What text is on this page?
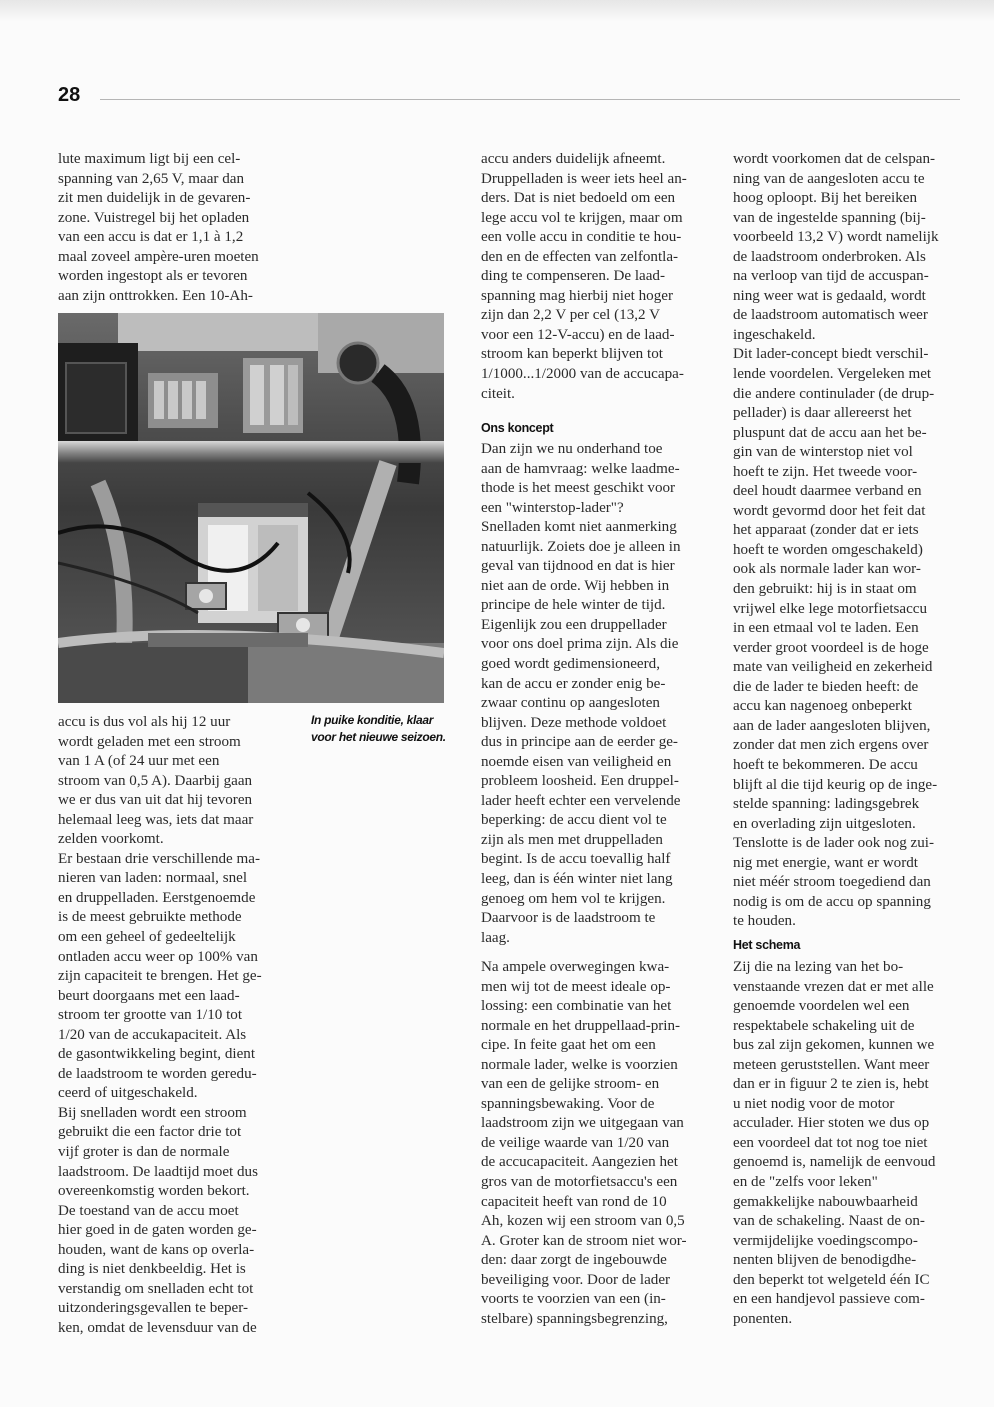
28

lute maximum ligt bij een cel-
spanning van 2,65 V, maar dan
zit men duidelijk in de gevaren-
zone. Vuistregel bij het opladen
van een accu is dat er 1,1 à 1,2
maal zoveel ampère-uren moeten
worden ingestopt als er tevoren
aan zijn onttrokken. Een 10-Ah-

In puike konditie, klaar
voor het nieuwe seizoen.

accu is dus vol als hij 12 uur
wordt geladen met een stroom
van 1 A (of 24 uur met een
stroom van 0,5 A). Daarbij gaan
we er dus van uit dat hij tevoren
helemaal leeg was, iets dat maar
zelden voorkomt.
Er bestaan drie verschillende ma-
nieren van laden: normaal, snel
en druppelladen. Eerstgenoemde
is de meest gebruikte methode
om een geheel of gedeeltelijk
ontladen accu weer op 100% van
zijn capaciteit te brengen. Het ge-
beurt doorgaans met een laad-
stroom ter grootte van 1/10 tot
1/20 van de accukapaciteit. Als
de gasontwikkeling begint, dient
de laadstroom te worden geredu-
ceerd of uitgeschakeld.
Bij snelladen wordt een stroom
gebruikt die een factor drie tot
vijf groter is dan de normale
laadstroom. De laadtijd moet dus
overeenkomstig worden bekort.
De toestand van de accu moet
hier goed in de gaten worden ge-
houden, want de kans op overla-
ding is niet denkbeeldig. Het is
verstandig om snelladen echt tot
uitzonderingsgevallen te beper-
ken, omdat de levensduur van de

accu anders duidelijk afneemt.
Druppelladen is weer iets heel an-
ders. Dat is niet bedoeld om een
lege accu vol te krijgen, maar om
een volle accu in conditie te hou-
den en de effecten van zelfontla-
ding te compenseren. De laad-
spanning mag hierbij niet hoger
zijn dan 2,2 V per cel (13,2 V
voor een 12-V-accu) en de laad-
stroom kan beperkt blijven tot
1/1000...1/2000 van de accucapa-
citeit.

Ons koncept

Dan zijn we nu onderhand toe
aan de hamvraag: welke laadme-
thode is het meest geschikt voor
een "winterstop-lader"?
Snelladen komt niet aanmerking
natuurlijk. Zoiets doe je alleen in
geval van tijdnood en dat is hier
niet aan de orde. Wij hebben in
principe de hele winter de tijd.
Eigenlijk zou een druppellader
voor ons doel prima zijn. Als die
goed wordt gedimensioneerd,
kan de accu er zonder enig be-
zwaar continu op aangesloten
blijven. Deze methode voldoet
dus in principe aan de eerder ge-
noemde eisen van veiligheid en
probleem loosheid. Een druppel-
lader heeft echter een vervelende
beperking: de accu dient vol te
zijn als men met druppelladen
begint. Is de accu toevallig half
leeg, dan is één winter niet lang
genoeg om hem vol te krijgen.
Daarvoor is de laadstroom te
laag.

Na ampele overwegingen kwa-
men wij tot de meest ideale op-
lossing: een combinatie van het
normale en het druppellaad-prin-
cipe. In feite gaat het om een
normale lader, welke is voorzien
van een de gelijke stroom- en
spanningsbewaking. Voor de
laadstroom zijn we uitgegaan van
de veilige waarde van 1/20 van
de accucapaciteit. Aangezien het
gros van de motorfietsaccu's een
capaciteit heeft van rond de 10
Ah, kozen wij een stroom van 0,5
A. Groter kan de stroom niet wor-
den: daar zorgt de ingebouwde
beveiliging voor. Door de lader
voorts te voorzien van een (in-
stelbare) spanningsbegrenzing,

wordt voorkomen dat de celspan-
ning van de aangesloten accu te
hoog oploopt. Bij het bereiken
van de ingestelde spanning (bij-
voorbeeld 13,2 V) wordt namelijk
de laadstroom onderbroken. Als
na verloop van tijd de accuspan-
ning weer wat is gedaald, wordt
de laadstroom automatisch weer
ingeschakeld.
Dit lader-concept biedt verschil-
lende voordelen. Vergeleken met
die andere continulader (de drup-
pellader) is daar allereerst het
pluspunt dat de accu aan het be-
gin van de winterstop niet vol
hoeft te zijn. Het tweede voor-
deel houdt daarmee verband en
wordt gevormd door het feit dat
het apparaat (zonder dat er iets
hoeft te worden omgeschakeld)
ook als normale lader kan wor-
den gebruikt: hij is in staat om
vrijwel elke lege motorfietsaccu
in een etmaal vol te laden. Een
verder groot voordeel is de hoge
mate van veiligheid en zekerheid
die de lader te bieden heeft: de
accu kan nagenoeg onbeperkt
aan de lader aangesloten blijven,
zonder dat men zich ergens over
hoeft te bekommeren. De accu
blijft al die tijd keurig op de inge-
stelde spanning: ladingsgebrek
en overlading zijn uitgesloten.
Tenslotte is de lader ook nog zui-
nig met energie, want er wordt
niet méér stroom toegediend dan
nodig is om de accu op spanning
te houden.

Het schema

Zij die na lezing van het bo-
venstaande vrezen dat er met alle
genoemde voordelen wel een
respektabele schakeling uit de
bus zal zijn gekomen, kunnen we
meteen geruststellen. Want meer
dan er in figuur 2 te zien is, hebt
u niet nodig voor de motor
acculader. Hier stoten we dus op
een voordeel dat tot nog toe niet
genoemd is, namelijk de eenvoud
en de "zelfs voor leken"
gemakkelijke nabouwbaarheid
van de schakeling. Naast de on-
vermijdelijke voedingscompo-
nenten blijven de benodigdhe-
den beperkt tot welgeteld één IC
en een handjevol passieve com-
ponenten.
